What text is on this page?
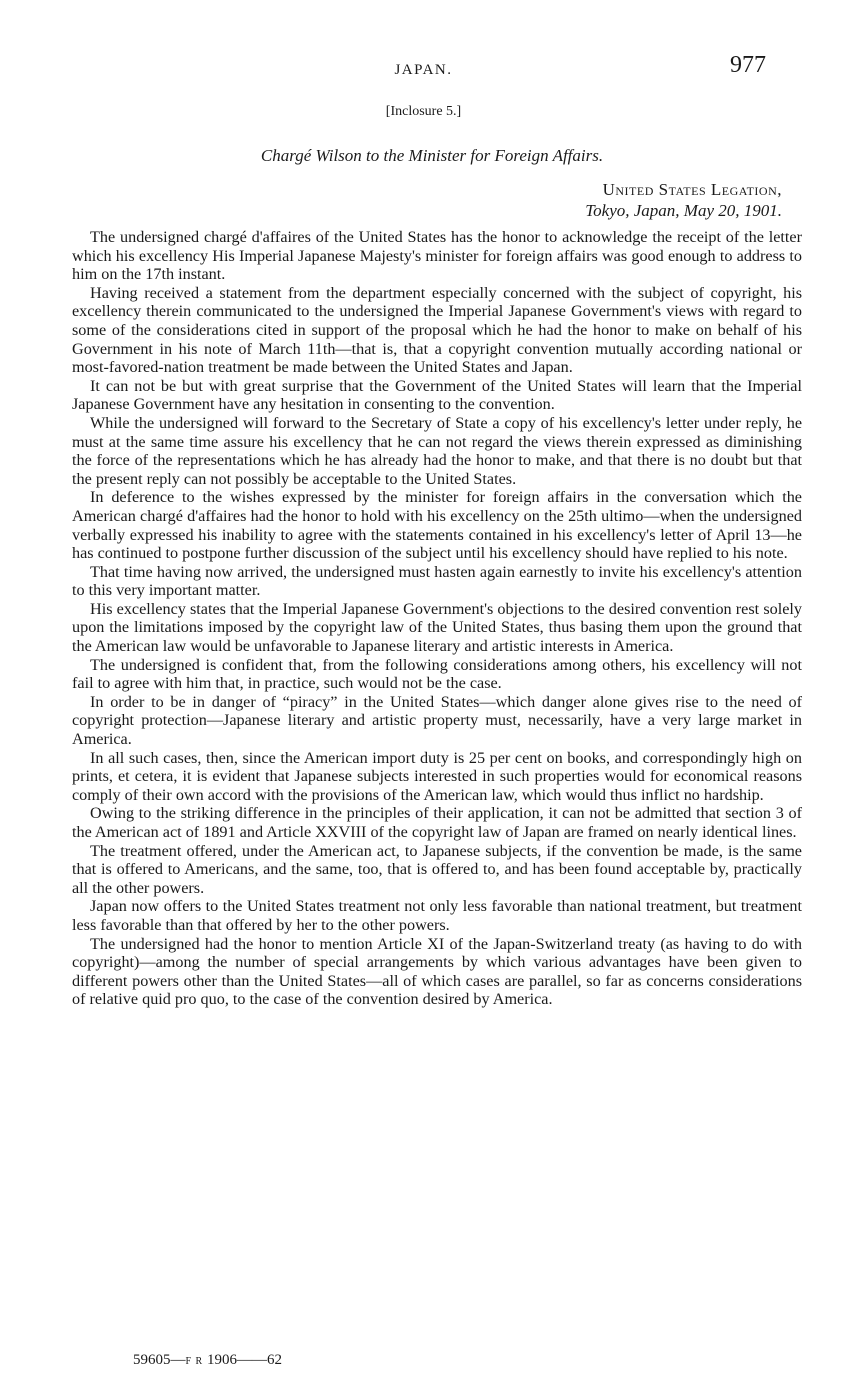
JAPAN.	977
[Inclosure 5.]
Chargé Wilson to the Minister for Foreign Affairs.
United States Legation,
Tokyo, Japan, May 20, 1901.

The undersigned chargé d'affaires of the United States has the honor to acknowledge the receipt of the letter which his excellency His Imperial Japanese Majesty's minister for foreign affairs was good enough to address to him on the 17th instant.

Having received a statement from the department especially concerned with the subject of copyright, his excellency therein communicated to the undersigned the Imperial Japanese Government's views with regard to some of the considerations cited in support of the proposal which he had the honor to make on behalf of his Government in his note of March 11th—that is, that a copyright convention mutually according national or most-favored-nation treatment be made between the United States and Japan.

It can not be but with great surprise that the Government of the United States will learn that the Imperial Japanese Government have any hesitation in consenting to the convention.

While the undersigned will forward to the Secretary of State a copy of his excellency's letter under reply, he must at the same time assure his excellency that he can not regard the views therein expressed as diminishing the force of the representations which he has already had the honor to make, and that there is no doubt but that the present reply can not possibly be acceptable to the United States.

In deference to the wishes expressed by the minister for foreign affairs in the conversation which the American chargé d'affaires had the honor to hold with his excellency on the 25th ultimo—when the undersigned verbally expressed his inability to agree with the statements contained in his excellency's letter of April 13—he has continued to postpone further discussion of the subject until his excellency should have replied to his note.

That time having now arrived, the undersigned must hasten again earnestly to invite his excellency's attention to this very important matter.

His excellency states that the Imperial Japanese Government's objections to the desired convention rest solely upon the limitations imposed by the copyright law of the United States, thus basing them upon the ground that the American law would be unfavorable to Japanese literary and artistic interests in America.

The undersigned is confident that, from the following considerations among others, his excellency will not fail to agree with him that, in practice, such would not be the case.

In order to be in danger of “piracy” in the United States—which danger alone gives rise to the need of copyright protection—Japanese literary and artistic property must, necessarily, have a very large market in America.

In all such cases, then, since the American import duty is 25 per cent on books, and correspondingly high on prints, et cetera, it is evident that Japanese subjects interested in such properties would for economical reasons comply of their own accord with the provisions of the American law, which would thus inflict no hardship.

Owing to the striking difference in the principles of their application, it can not be admitted that section 3 of the American act of 1891 and Article XXVIII of the copyright law of Japan are framed on nearly identical lines.

The treatment offered, under the American act, to Japanese subjects, if the convention be made, is the same that is offered to Americans, and the same, too, that is offered to, and has been found acceptable by, practically all the other powers.

Japan now offers to the United States treatment not only less favorable than national treatment, but treatment less favorable than that offered by her to the other powers.

The undersigned had the honor to mention Article XI of the Japan-Switzerland treaty (as having to do with copyright)—among the number of special arrangements by which various advantages have been given to different powers other than the United States—all of which cases are parallel, so far as concerns considerations of relative quid pro quo, to the case of the convention desired by America.

59605—F R 1906——62
